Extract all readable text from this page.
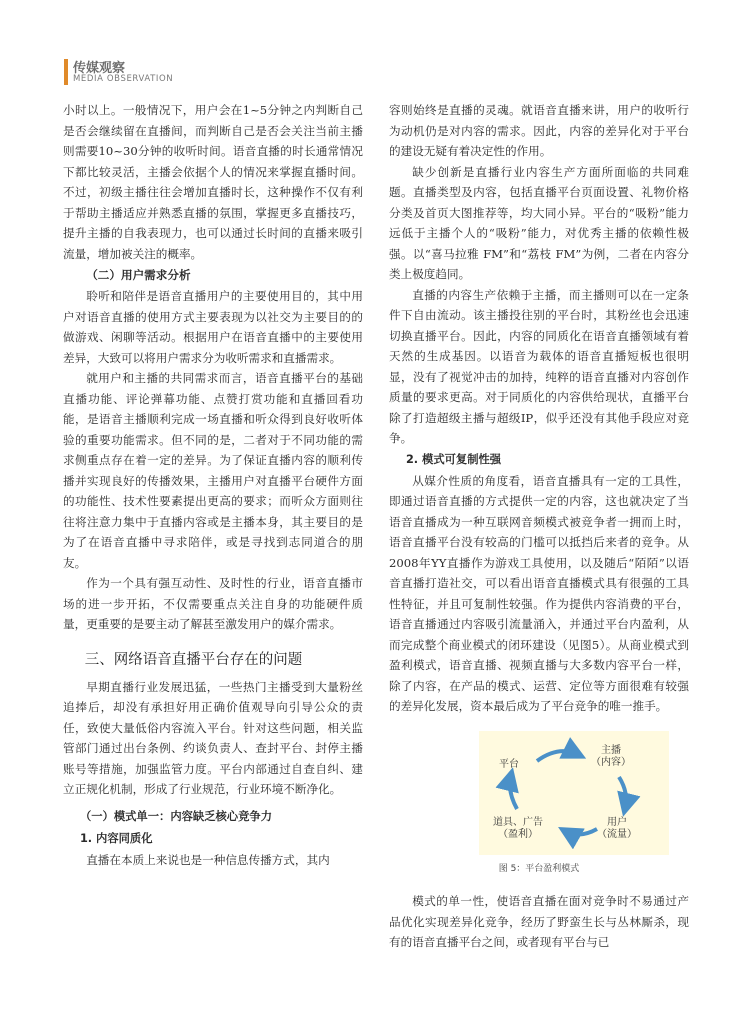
传媒观察
MEDIA OBSERVATION

小时以上。一般情况下，用户会在1~5分钟之内判断自己是否会继续留在直播间，而判断自己是否会关注当前主播则需要10~30分钟的收听时间。语音直播的时长通常情况下都比较灵活，主播会依据个人的情况来掌握直播时间。不过，初级主播往往会增加直播时长，这种操作不仅有利于帮助主播适应并熟悉直播的氛围，掌握更多直播技巧，提升主播的自我表现力，也可以通过长时间的直播来吸引流量，增加被关注的概率。

（二）用户需求分析

聆听和陪伴是语音直播用户的主要使用目的，其中用户对语音直播的使用方式主要表现为以社交为主要目的的做游戏、闲聊等活动。根据用户在语音直播中的主要使用差异，大致可以将用户需求分为收听需求和直播需求。

就用户和主播的共同需求而言，语音直播平台的基础直播功能、评论弹幕功能、点赞打赏功能和直播回看功能，是语音主播顺利完成一场直播和听众得到良好收听体验的重要功能需求。但不同的是，二者对于不同功能的需求侧重点存在着一定的差异。为了保证直播内容的顺利传播并实现良好的传播效果，主播用户对直播平台硬件方面的功能性、技术性要素提出更高的要求；而听众方面则往往将注意力集中于直播内容或是主播本身，其主要目的是为了在语音直播中寻求陪伴，或是寻找到志同道合的朋友。

作为一个具有强互动性、及时性的行业，语音直播市场的进一步开拓，不仅需要重点关注自身的功能硬件质量，更重要的是要主动了解甚至激发用户的媒介需求。

三、网络语音直播平台存在的问题

早期直播行业发展迅猛，一些热门主播受到大量粉丝追捧后，却没有承担好用正确价值观导向引导公众的责任，致使大量低俗内容流入平台。针对这些问题，相关监管部门通过出台条例、约谈负责人、查封平台、封停主播账号等措施，加强监管力度。平台内部通过自查自纠、建立正规化机制，形成了行业规范，行业环境不断净化。

（一）模式单一：内容缺乏核心竞争力
1. 内容同质化

直播在本质上来说也是一种信息传播方式，其内

容则始终是直播的灵魂。就语音直播来讲，用户的收听行为动机仍是对内容的需求。因此，内容的差异化对于平台的建设无疑有着决定性的作用。

缺少创新是直播行业内容生产方面所面临的共同难题。直播类型及内容，包括直播平台页面设置、礼物价格分类及首页大图推荐等，均大同小异。平台的“吸粉”能力远低于主播个人的“吸粉”能力，对优秀主播的依赖性极强。以“喜马拉雅 FM”和“荔枝 FM”为例，二者在内容分类上极度趋同。

直播的内容生产依赖于主播，而主播则可以在一定条件下自由流动。该主播投往别的平台时，其粉丝也会迅速切换直播平台。因此，内容的同质化在语音直播领域有着天然的生成基因。以语音为载体的语音直播短板也很明显，没有了视觉冲击的加持，纯粹的语音直播对内容创作质量的要求更高。对于同质化的内容供给现状，直播平台除了打造超级主播与超级IP，似乎还没有其他手段应对竞争。

2. 模式可复制性强

从媒介性质的角度看，语音直播具有一定的工具性，即通过语音直播的方式提供一定的内容，这也就决定了当语音直播成为一种互联网音频模式被竞争者一拥而上时，语音直播平台没有较高的门槛可以抵挡后来者的竞争。从2008年YY直播作为游戏工具使用，以及随后“陌陌”以语音直播打造社交，可以看出语音直播模式具有很强的工具性特征，并且可复制性较强。作为提供内容消费的平台，语音直播通过内容吸引流量涌入，并通过平台内盈利，从而完成整个商业模式的闭环建设（见图5）。从商业模式到盈利模式，语音直播、视频直播与大多数内容平台一样，除了内容，在产品的模式、运营、定位等方面很难有较强的差异化发展，资本最后成为了平台竞争的唯一推手。

平台
主播
（内容）
用户
（流量）
道具、广告
（盈利）
图 5：平台盈利模式

模式的单一性，使语音直播在面对竞争时不易通过产品优化实现差异化竞争，经历了野蛮生长与丛林厮杀，现有的语音直播平台之间，或者现有平台与已
